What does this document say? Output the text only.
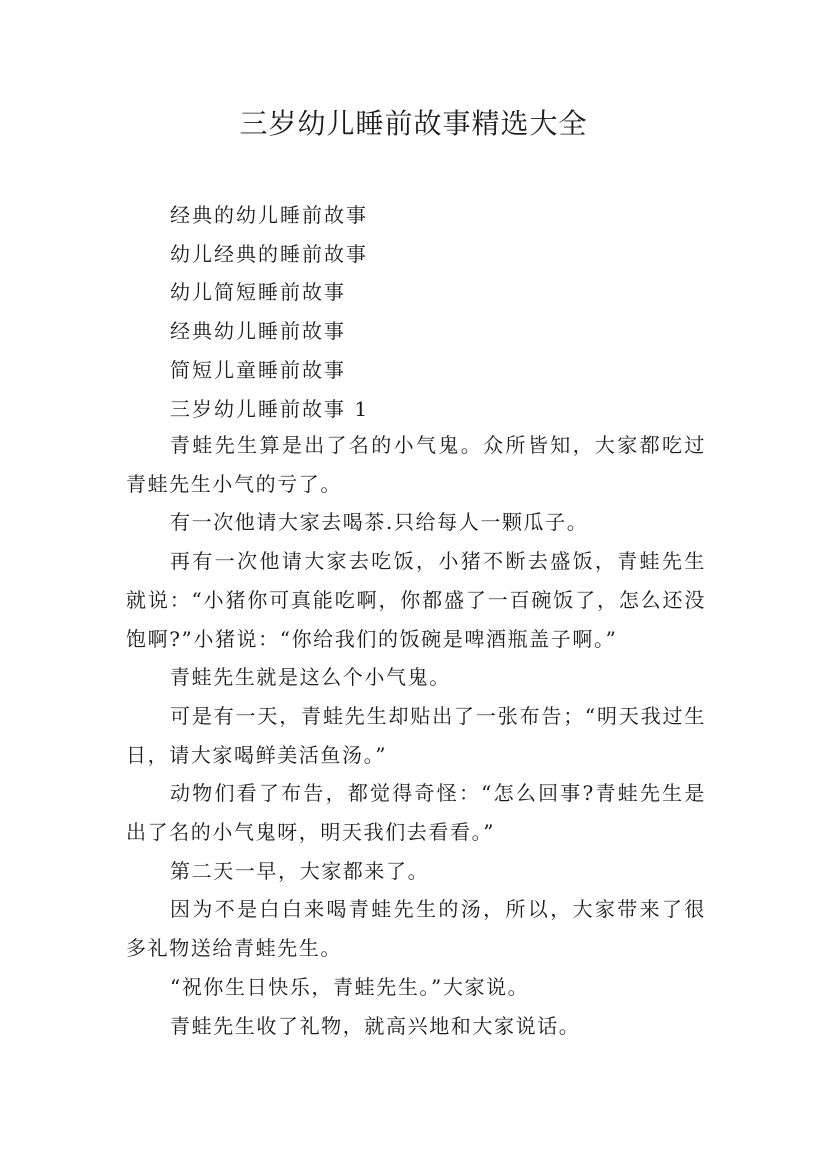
三岁幼儿睡前故事精选大全
经典的幼儿睡前故事
幼儿经典的睡前故事
幼儿简短睡前故事
经典幼儿睡前故事
简短儿童睡前故事
三岁幼儿睡前故事 1

青蛙先生算是出了名的小气鬼。众所皆知，大家都吃过青蛙先生小气的亏了。

有一次他请大家去喝茶.只给每人一颗瓜子。

再有一次他请大家去吃饭，小猪不断去盛饭，青蛙先生就说：“小猪你可真能吃啊，你都盛了一百碗饭了，怎么还没饱啊?”小猪说：“你给我们的饭碗是啤酒瓶盖子啊。”

青蛙先生就是这么个小气鬼。

可是有一天，青蛙先生却贴出了一张布告；“明天我过生日，请大家喝鲜美活鱼汤。”

动物们看了布告，都觉得奇怪：“怎么回事?青蛙先生是出了名的小气鬼呀，明天我们去看看。”

第二天一早，大家都来了。

因为不是白白来喝青蛙先生的汤，所以，大家带来了很多礼物送给青蛙先生。

“祝你生日快乐，青蛙先生。”大家说。

青蛙先生收了礼物，就高兴地和大家说话。
